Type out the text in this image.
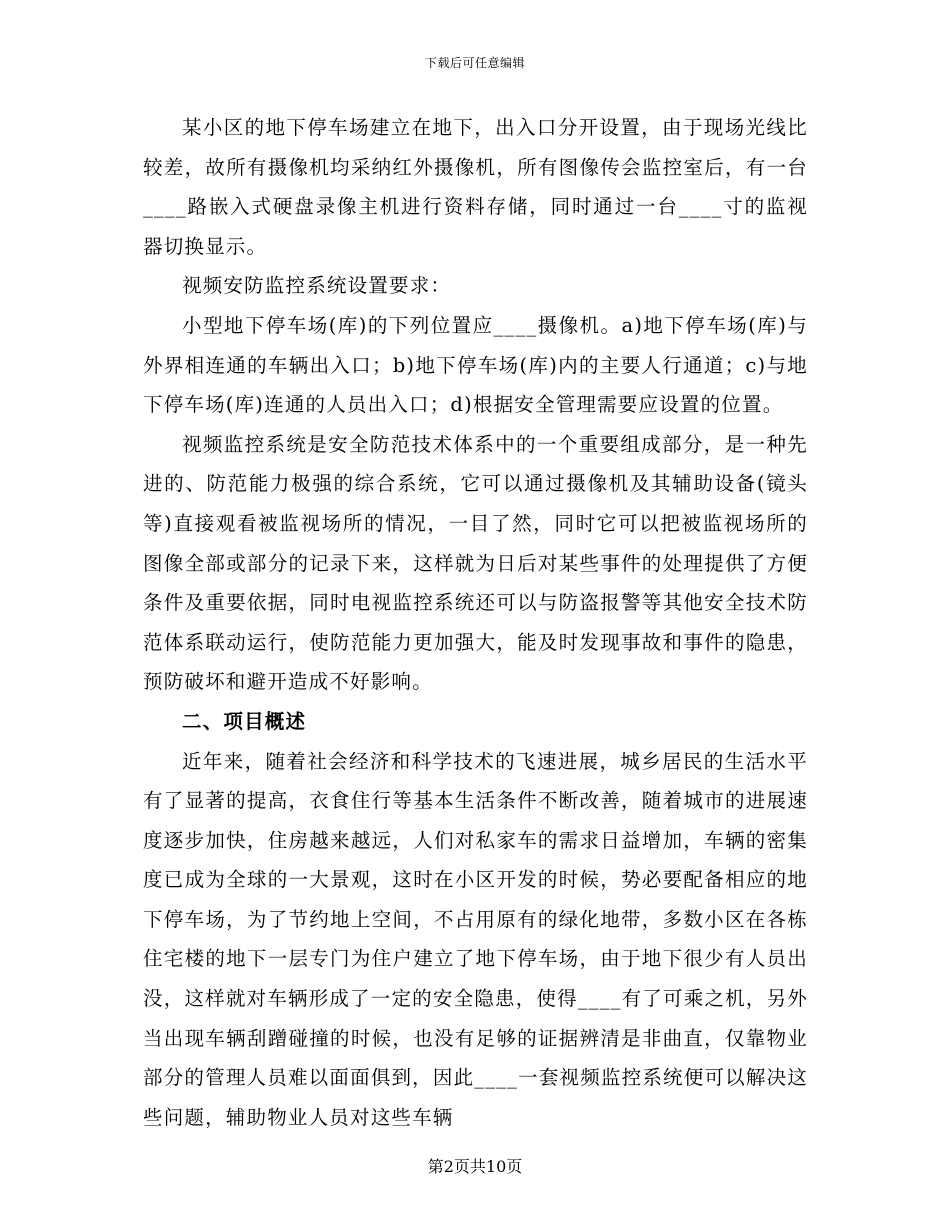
下载后可任意编辑

某小区的地下停车场建立在地下，出入口分开设置，由于现场光线比较差，故所有摄像机均采纳红外摄像机，所有图像传会监控室后，有一台____路嵌入式硬盘录像主机进行资料存储，同时通过一台____寸的监视器切换显示。

视频安防监控系统设置要求：

小型地下停车场(库)的下列位置应____摄像机。a)地下停车场(库)与外界相连通的车辆出入口；b)地下停车场(库)内的主要人行通道；c)与地下停车场(库)连通的人员出入口；d)根据安全管理需要应设置的位置。

视频监控系统是安全防范技术体系中的一个重要组成部分，是一种先进的、防范能力极强的综合系统，它可以通过摄像机及其辅助设备(镜头等)直接观看被监视场所的情况，一目了然，同时它可以把被监视场所的图像全部或部分的记录下来，这样就为日后对某些事件的处理提供了方便条件及重要依据，同时电视监控系统还可以与防盗报警等其他安全技术防范体系联动运行，使防范能力更加强大，能及时发现事故和事件的隐患，预防破坏和避开造成不好影响。

二、项目概述

近年来，随着社会经济和科学技术的飞速进展，城乡居民的生活水平有了显著的提高，衣食住行等基本生活条件不断改善，随着城市的进展速度逐步加快，住房越来越远，人们对私家车的需求日益增加，车辆的密集度已成为全球的一大景观，这时在小区开发的时候，势必要配备相应的地下停车场，为了节约地上空间，不占用原有的绿化地带，多数小区在各栋住宅楼的地下一层专门为住户建立了地下停车场，由于地下很少有人员出没，这样就对车辆形成了一定的安全隐患，使得____有了可乘之机，另外当出现车辆刮蹭碰撞的时候，也没有足够的证据辨清是非曲直，仅靠物业部分的管理人员难以面面俱到，因此____一套视频监控系统便可以解决这些问题，辅助物业人员对这些车辆

第2页共10页
